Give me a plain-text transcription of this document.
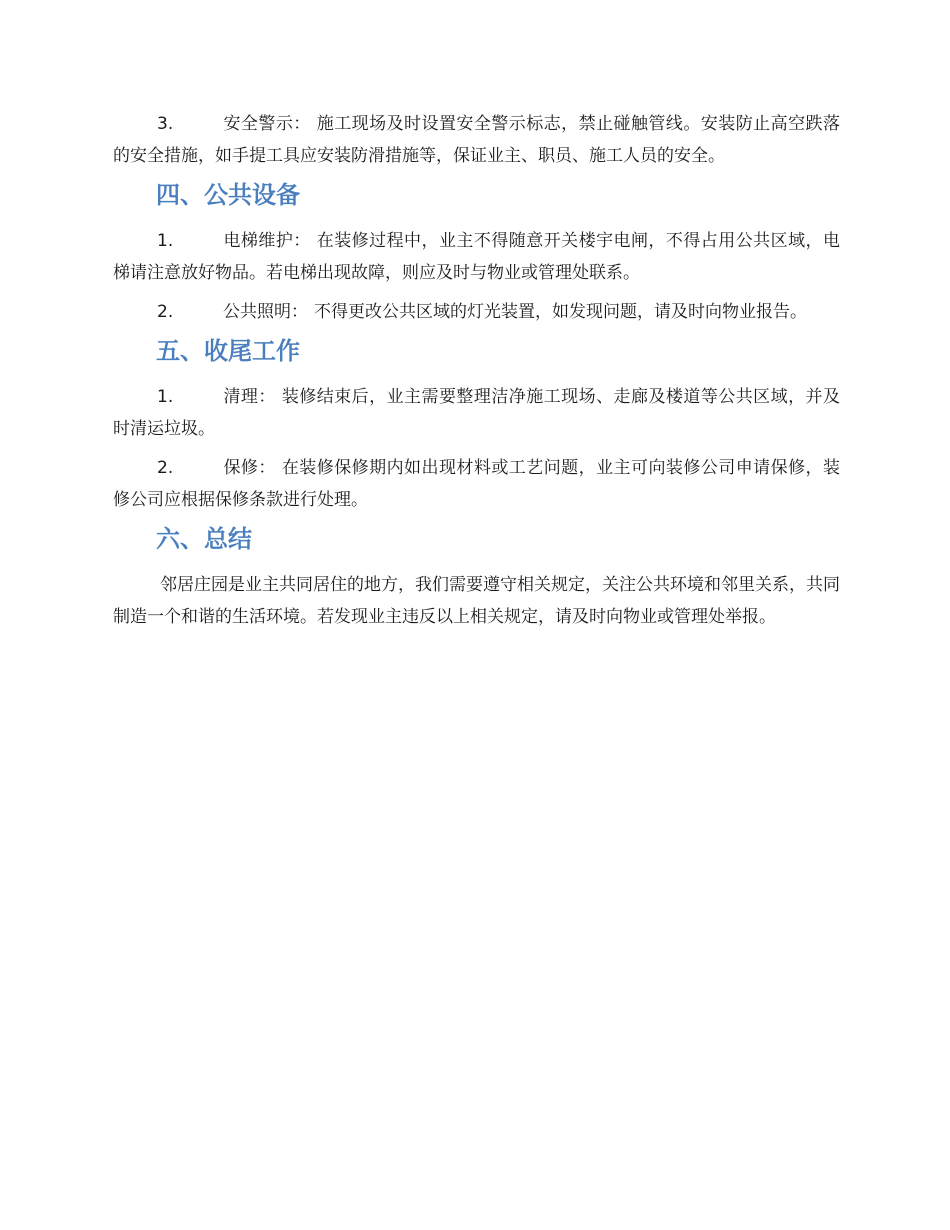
3.	安全警示： 施工现场及时设置安全警示标志，禁止碰触管线。安装防止高空跌落的安全措施，如手提工具应安装防滑措施等，保证业主、职员、施工人员的安全。

四、公共设备

1.	电梯维护： 在装修过程中，业主不得随意开关楼宇电闸，不得占用公共区域，电梯请注意放好物品。若电梯出现故障，则应及时与物业或管理处联系。

2.	公共照明： 不得更改公共区域的灯光装置，如发现问题，请及时向物业报告。

五、收尾工作

1.	清理： 装修结束后，业主需要整理洁净施工现场、走廊及楼道等公共区域，并及时清运垃圾。

2.	保修： 在装修保修期内如出现材料或工艺问题，业主可向装修公司申请保修，装修公司应根据保修条款进行处理。

六、总结

邻居庄园是业主共同居住的地方，我们需要遵守相关规定，关注公共环境和邻里关系，共同制造一个和谐的生活环境。若发现业主违反以上相关规定，请及时向物业或管理处举报。
